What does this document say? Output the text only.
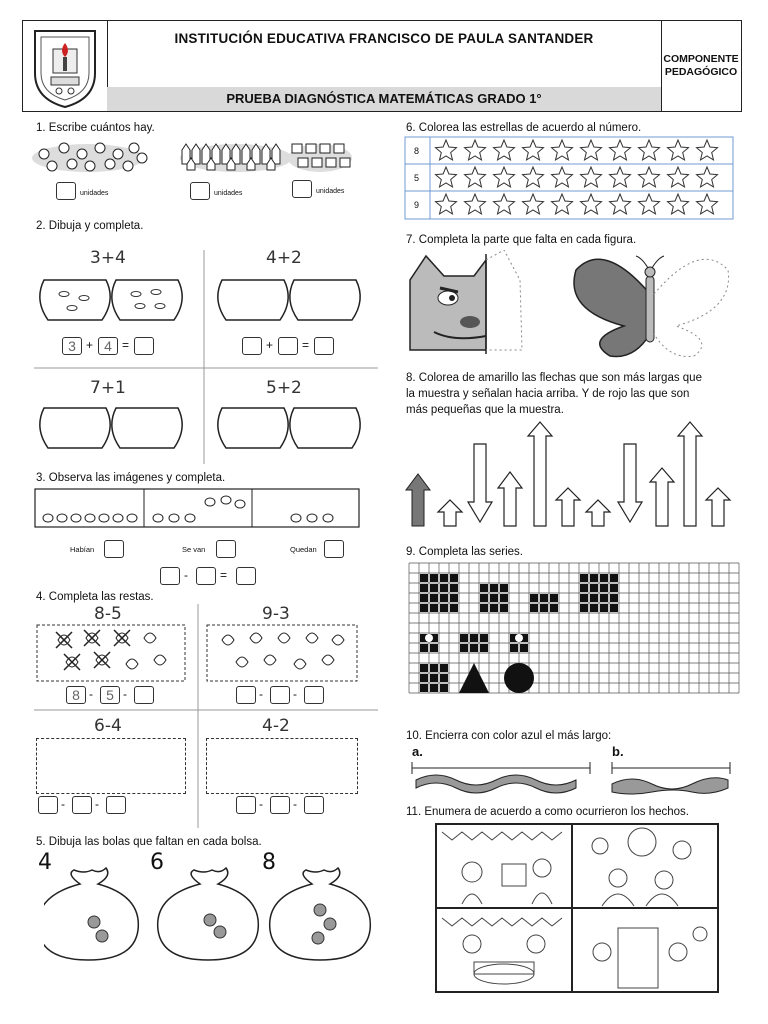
INSTITUCIÓN EDUCATIVA FRANCISCO DE PAULA SANTANDER
PRUEBA DIAGNÓSTICA MATEMÁTICAS GRADO 1°
COMPONENTE
PEDAGÓGICO
1. Escribe cuántos hay.
unidades	unidades	unidades
2. Dibuja y completa.
3+4
3 + 4 =
4+2
+ =
7+1	5+2
3. Observa las imágenes y completa.
Habían	Se van	Quedan
-	=
4. Completa las restas.
8-5
8 - 5 -
9-3
-	-
6-4
-	-
4-2
-	-
5. Dibuja las bolas que faltan en cada bolsa.
4	6	8
6. Colorea las estrellas de acuerdo al número.
8
5
9
7. Completa la parte que falta en cada figura.
8. Colorea de amarillo las flechas que son más largas que
la muestra y señalan hacia arriba. Y de rojo las que son
más pequeñas que la muestra.
9. Completa las series.
10. Encierra con color azul el más largo:
a.	b.
11. Enumera de acuerdo a como ocurrieron los hechos.
